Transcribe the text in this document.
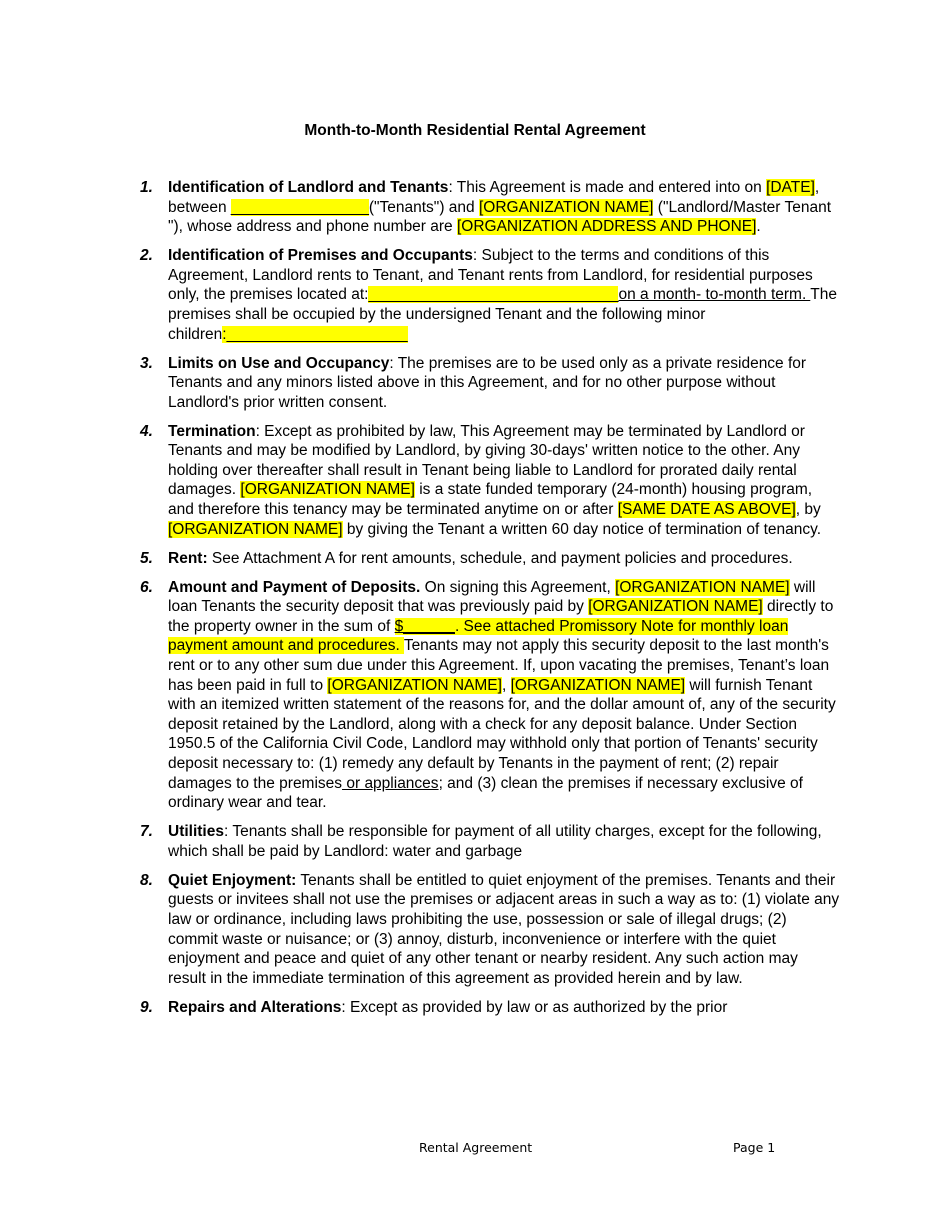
Month-to-Month Residential Rental Agreement
1. Identification of Landlord and Tenants: This Agreement is made and entered into on [DATE], between ________________("Tenants") and [ORGANIZATION NAME] ("Landlord/Master Tenant "), whose address and phone number are [ORGANIZATION ADDRESS AND PHONE].
2. Identification of Premises and Occupants: Subject to the terms and conditions of this Agreement, Landlord rents to Tenant, and Tenant rents from Landlord, for residential purposes only, the premises located at:_____________________________on a month- to-month term. The premises shall be occupied by the undersigned Tenant and the following minor children:_____________________
3. Limits on Use and Occupancy: The premises are to be used only as a private residence for Tenants and any minors listed above in this Agreement, and for no other purpose without Landlord's prior written consent.
4. Termination: Except as prohibited by law, This Agreement may be terminated by Landlord or Tenants and may be modified by Landlord, by giving 30-days' written notice to the other. Any holding over thereafter shall result in Tenant being liable to Landlord for prorated daily rental damages. [ORGANIZATION NAME] is a state funded temporary (24-month) housing program, and therefore this tenancy may be terminated anytime on or after [SAME DATE AS ABOVE], by [ORGANIZATION NAME] by giving the Tenant a written 60 day notice of termination of tenancy.
5. Rent: See Attachment A for rent amounts, schedule, and payment policies and procedures.
6. Amount and Payment of Deposits. On signing this Agreement, [ORGANIZATION NAME] will loan Tenants the security deposit that was previously paid by [ORGANIZATION NAME] directly to the property owner in the sum of $______. See attached Promissory Note for monthly loan payment amount and procedures. Tenants may not apply this security deposit to the last month's rent or to any other sum due under this Agreement. If, upon vacating the premises, Tenant’s loan has been paid in full to [ORGANIZATION NAME], [ORGANIZATION NAME] will furnish Tenant with an itemized written statement of the reasons for, and the dollar amount of, any of the security deposit retained by the Landlord, along with a check for any deposit balance. Under Section 1950.5 of the California Civil Code, Landlord may withhold only that portion of Tenants' security deposit necessary to: (1) remedy any default by Tenants in the payment of rent; (2) repair damages to the premises or appliances; and (3) clean the premises if necessary exclusive of ordinary wear and tear.
7. Utilities: Tenants shall be responsible for payment of all utility charges, except for the following, which shall be paid by Landlord: water and garbage
8. Quiet Enjoyment: Tenants shall be entitled to quiet enjoyment of the premises. Tenants and their guests or invitees shall not use the premises or adjacent areas in such a way as to: (1) violate any law or ordinance, including laws prohibiting the use, possession or sale of illegal drugs; (2) commit waste or nuisance; or (3) annoy, disturb, inconvenience or interfere with the quiet enjoyment and peace and quiet of any other tenant or nearby resident. Any such action may result in the immediate termination of this agreement as provided herein and by law.
9. Repairs and Alterations: Except as provided by law or as authorized by the prior
Rental Agreement	Page 1
